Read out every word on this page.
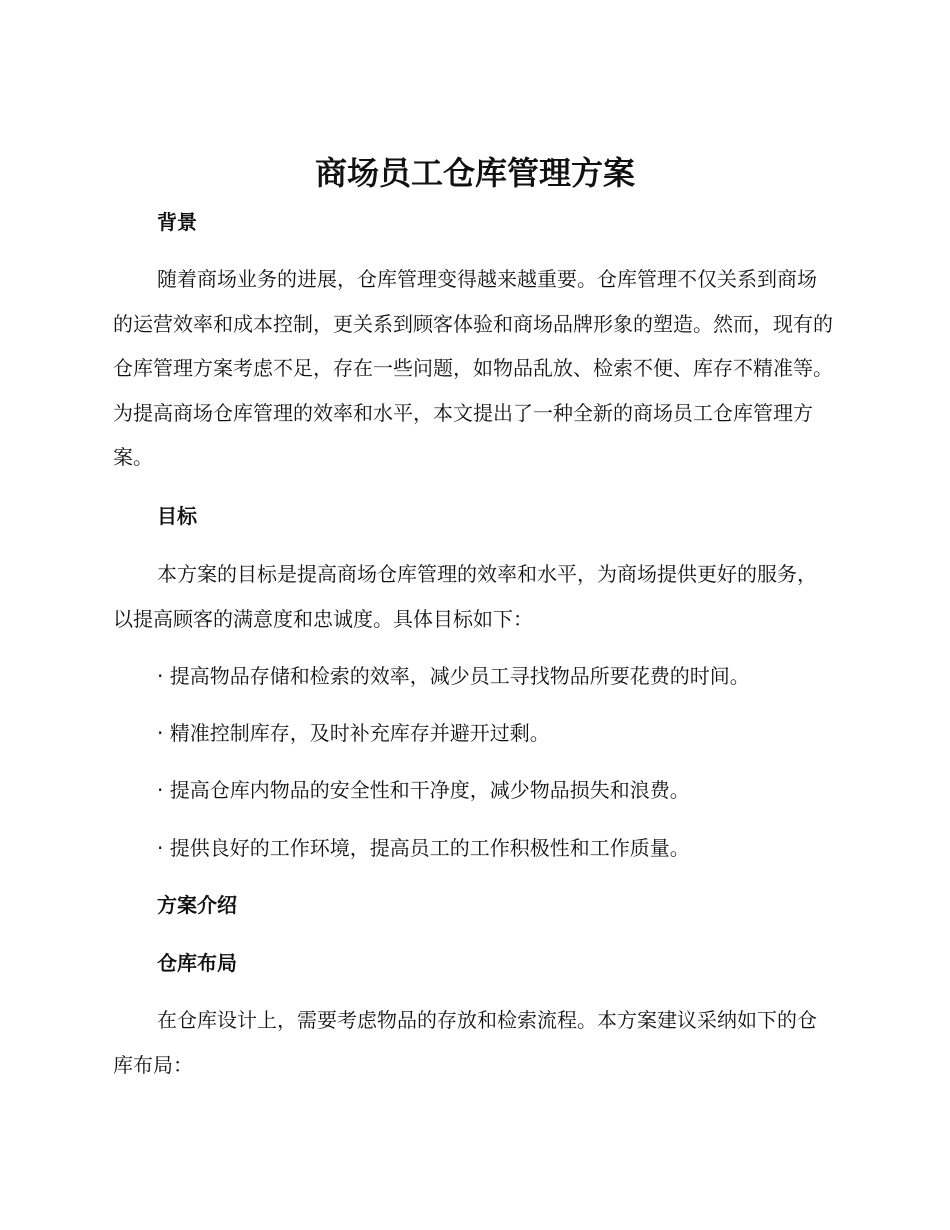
商场员工仓库管理方案
背景

随着商场业务的进展，仓库管理变得越来越重要。仓库管理不仅关系到商场的运营效率和成本控制，更关系到顾客体验和商场品牌形象的塑造。然而，现有的仓库管理方案考虑不足，存在一些问题，如物品乱放、检索不便、库存不精准等。为提高商场仓库管理的效率和水平，本文提出了一种全新的商场员工仓库管理方案。

目标

本方案的目标是提高商场仓库管理的效率和水平，为商场提供更好的服务，以提高顾客的满意度和忠诚度。具体目标如下：

· 提高物品存储和检索的效率，减少员工寻找物品所要花费的时间。

· 精准控制库存，及时补充库存并避开过剩。

· 提高仓库内物品的安全性和干净度，减少物品损失和浪费。

· 提供良好的工作环境，提高员工的工作积极性和工作质量。

方案介绍
仓库布局

在仓库设计上，需要考虑物品的存放和检索流程。本方案建议采纳如下的仓库布局：
